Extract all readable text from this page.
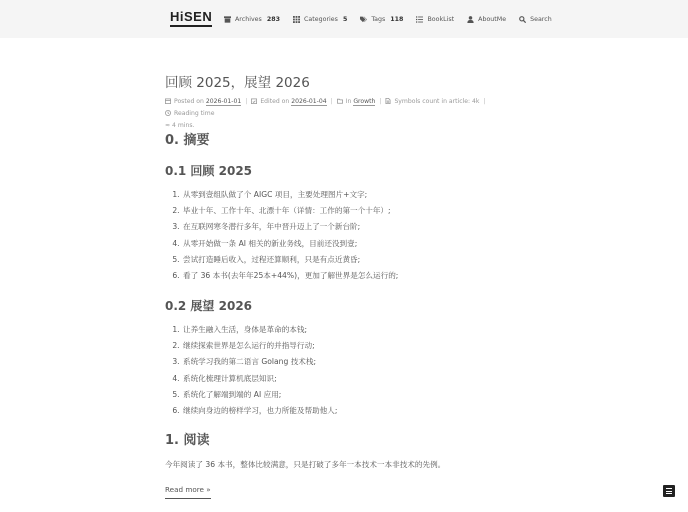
HiSEN	Archives 283	Categories 5	Tags 118	BookList	AboutMe	Search
回顾 2025，展望 2026
Posted on 2026-01-01 | Edited on 2026-01-04 | In Growth | Symbols count in article: 4k |Reading time
≈ 4 mins.
0. 摘要
0.1 回顾 2025
1. 从零到壹组队做了个 AIGC 项目，主要处理图片+文字;
2. 毕业十年、工作十年、北漂十年（详情：工作的第一个十年）;
3. 在互联网寒冬潜行多年，年中晋升迈上了一个新台阶;
4. 从零开始做一条 AI 相关的新业务线，目前还没到壹;
5. 尝试打造睡后收入，过程还算顺利，只是有点近黄昏;
6. 看了 36 本书(去年年25本+44%)，更加了解世界是怎么运行的;
0.2 展望 2026
1. 让养生融入生活，身体是革命的本钱;
2. 继续探索世界是怎么运行的并指导行动;
3. 系统学习我的第二语言 Golang 技术栈;
4. 系统化梳理计算机底层知识;
5. 系统化了解端到端的 AI 应用;
6. 继续向身边的榜样学习，也力所能及帮助他人;
1. 阅读
今年阅读了 36 本书，整体比较满意，只是打破了多年一本技术一本非技术的先例。
Read more »
